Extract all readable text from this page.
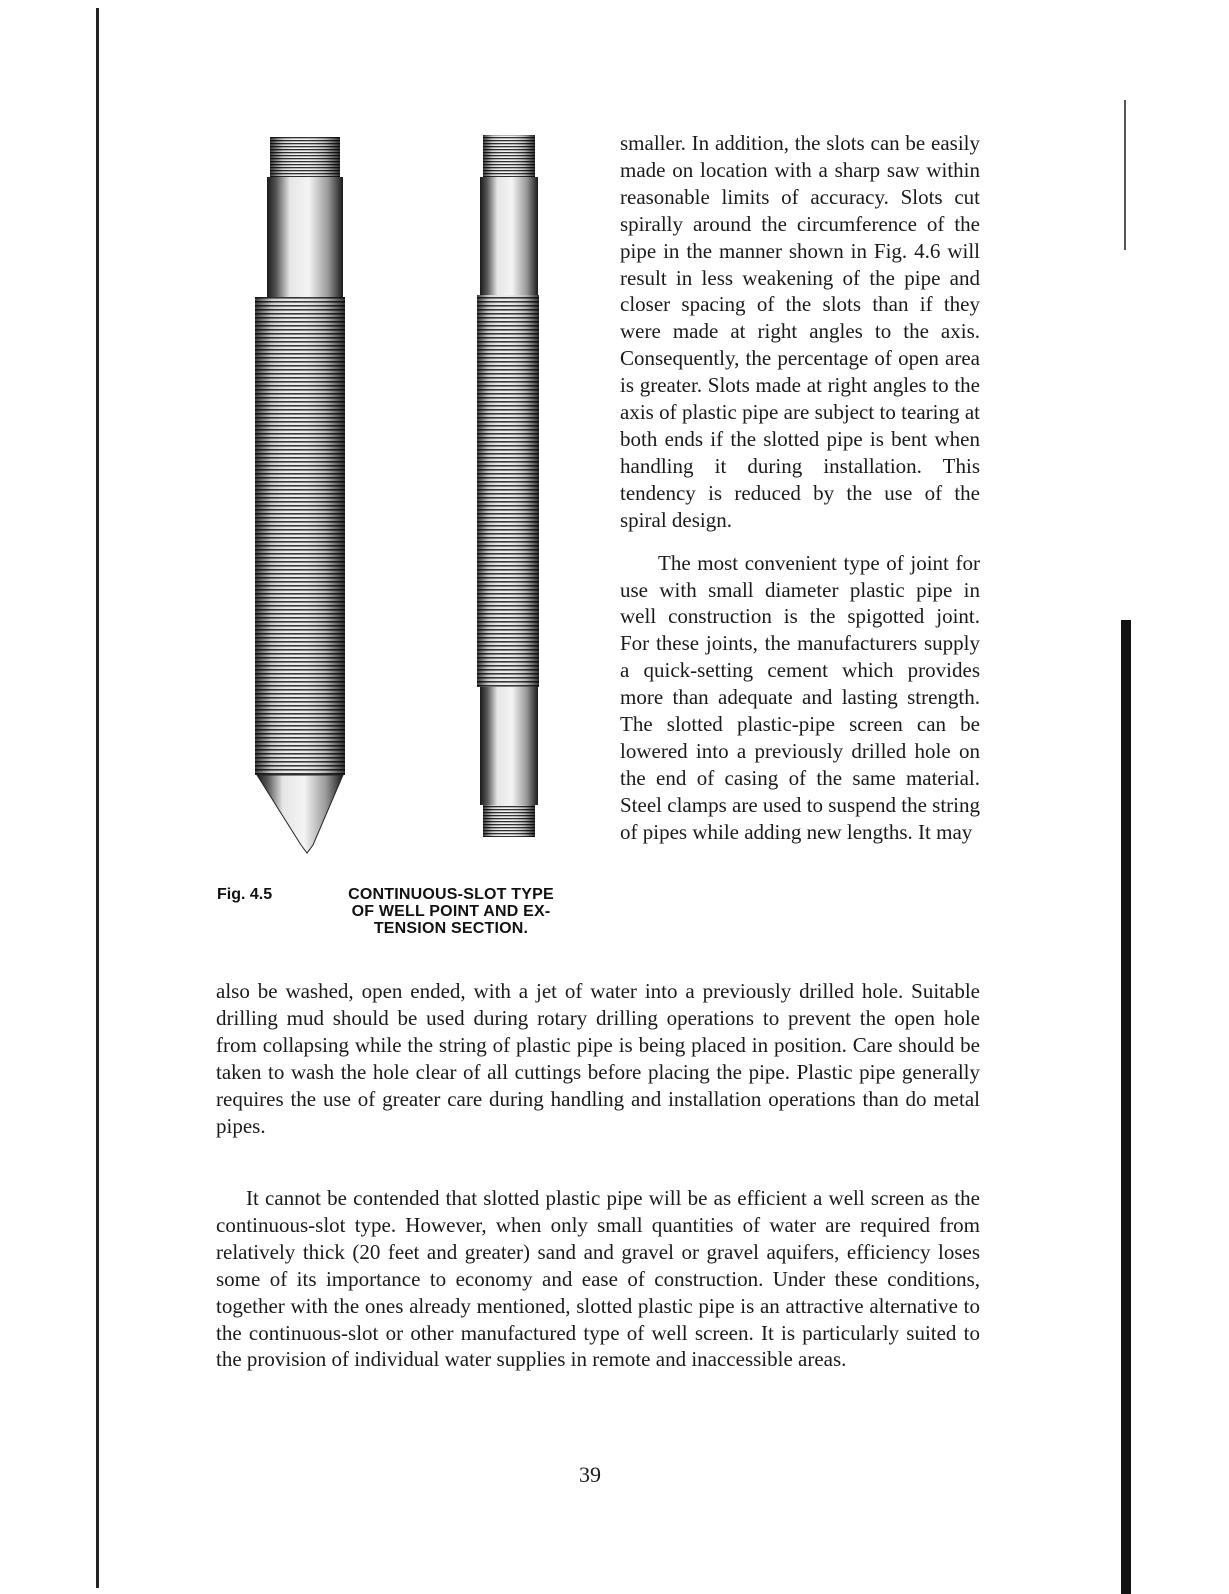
Fig. 4.5	CONTINUOUS-SLOT TYPE
OF WELL POINT AND EX-
TENSION SECTION.

smaller. In addition, the slots can be easily made on location with a sharp saw within reasonable limits of accuracy. Slots cut spirally around the circumference of the pipe in the manner shown in Fig. 4.6 will result in less weakening of the pipe and closer spacing of the slots than if they were made at right angles to the axis. Consequently, the percentage of open area is greater. Slots made at right angles to the axis of plastic pipe are subject to tearing at both ends if the slotted pipe is bent when handling it during installation. This tendency is reduced by the use of the spiral design.

The most convenient type of joint for use with small diameter plastic pipe in well construction is the spigotted joint. For these joints, the manufacturers supply a quick-setting cement which provides more than adequate and lasting strength. The slotted plastic-pipe screen can be lowered into a previously drilled hole on the end of casing of the same material. Steel clamps are used to suspend the string of pipes while adding new lengths. It may

also be washed, open ended, with a jet of water into a previously drilled hole. Suitable drilling mud should be used during rotary drilling operations to prevent the open hole from collapsing while the string of plastic pipe is being placed in position. Care should be taken to wash the hole clear of all cuttings before placing the pipe. Plastic pipe generally requires the use of greater care during handling and installation operations than do metal pipes.

It cannot be contended that slotted plastic pipe will be as efficient a well screen as the continuous-slot type. However, when only small quantities of water are required from relatively thick (20 feet and greater) sand and gravel or gravel aquifers, efficiency loses some of its importance to economy and ease of construction. Under these conditions, together with the ones already mentioned, slotted plastic pipe is an attractive alternative to the continuous-slot or other manufactured type of well screen. It is particularly suited to the provision of individual water supplies in remote and inaccessible areas.

39
